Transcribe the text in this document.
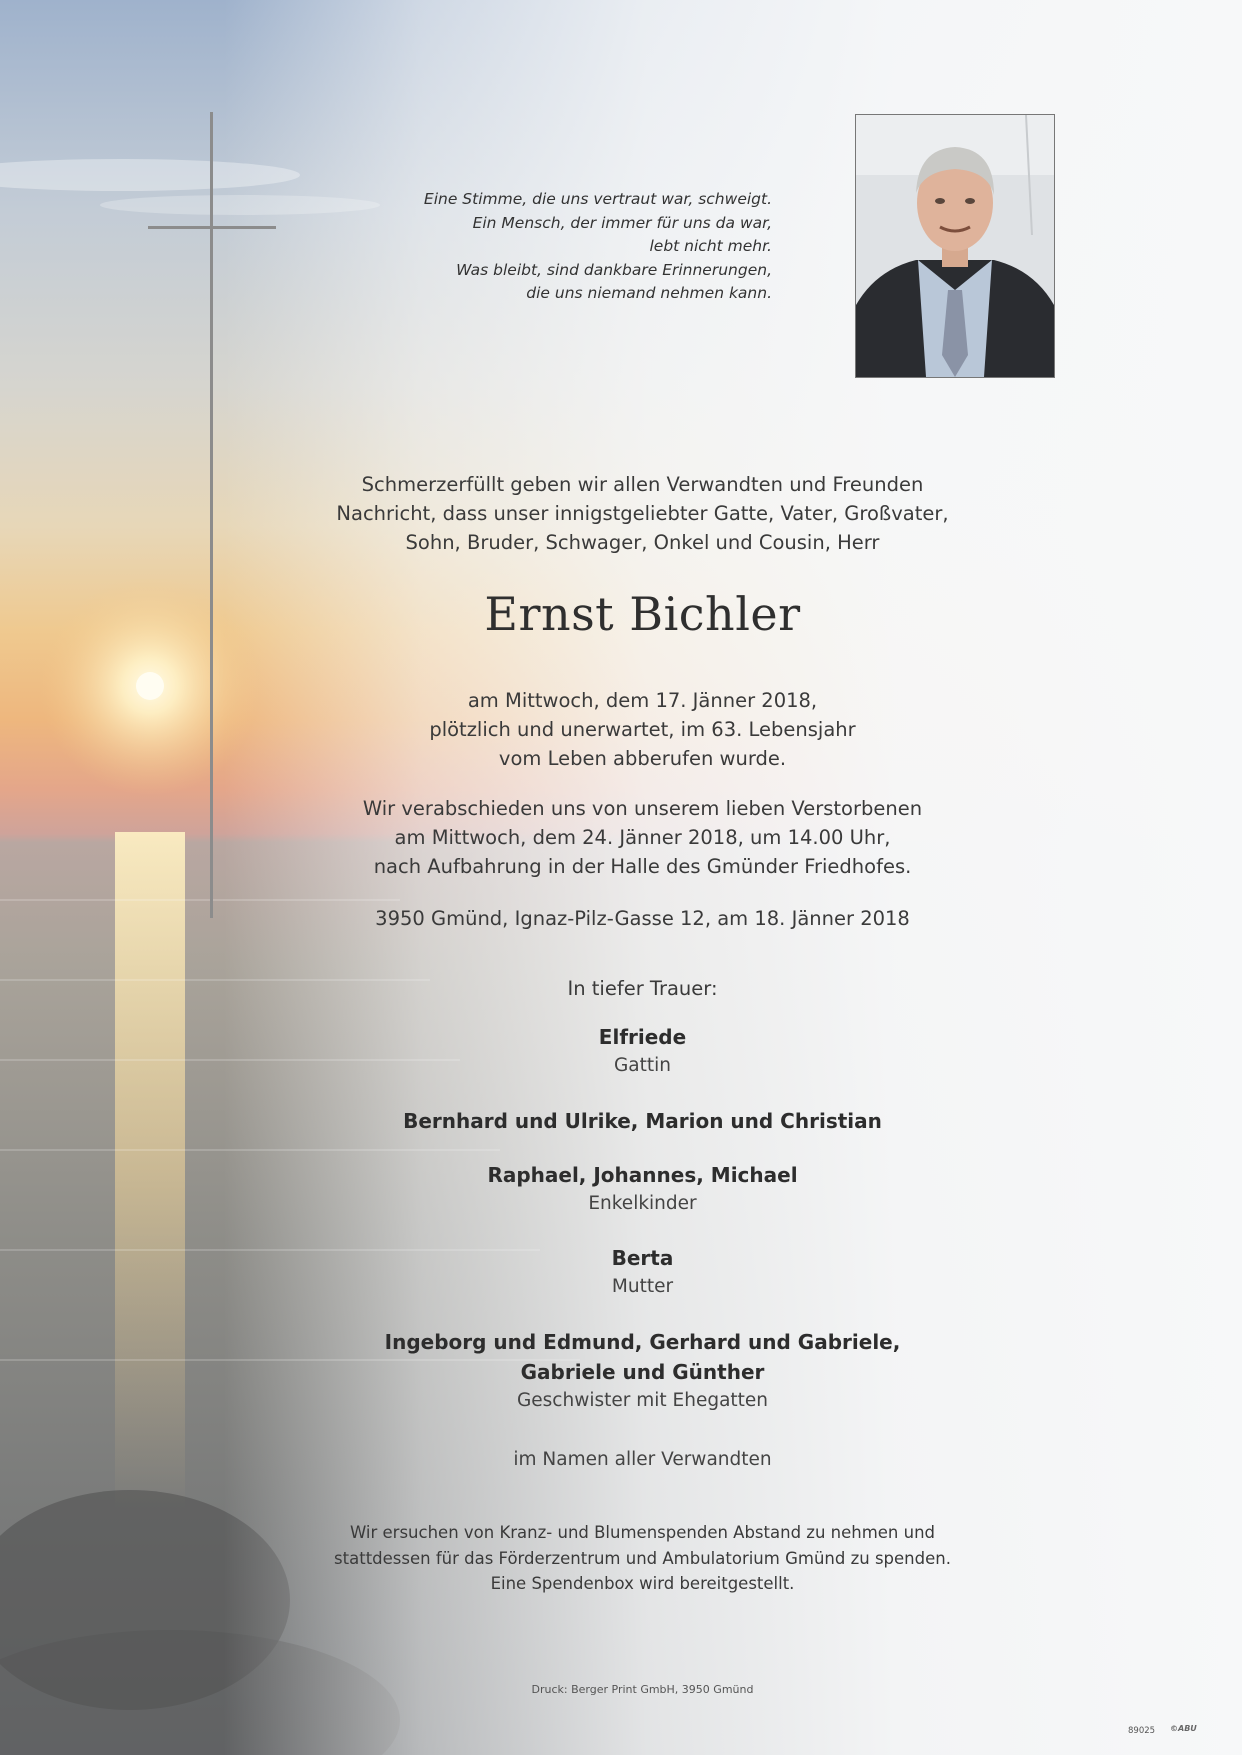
Eine Stimme, die uns vertraut war, schweigt.
Ein Mensch, der immer für uns da war,
lebt nicht mehr.
Was bleibt, sind dankbare Erinnerungen,
die uns niemand nehmen kann.
Schmerzerfüllt geben wir allen Verwandten und Freunden
Nachricht, dass unser innigstgeliebter Gatte, Vater, Großvater,
Sohn, Bruder, Schwager, Onkel und Cousin, Herr
Ernst Bichler
am Mittwoch, dem 17. Jänner 2018,
plötzlich und unerwartet, im 63. Lebensjahr
vom Leben abberufen wurde.
Wir verabschieden uns von unserem lieben Verstorbenen
am Mittwoch, dem 24. Jänner 2018, um 14.00 Uhr,
nach Aufbahrung in der Halle des Gmünder Friedhofes.
3950 Gmünd, Ignaz-Pilz-Gasse 12, am 18. Jänner 2018
In tiefer Trauer:
Elfriede
Gattin
Bernhard und Ulrike, Marion und Christian
Raphael, Johannes, Michael
Enkelkinder
Berta
Mutter
Ingeborg und Edmund, Gerhard und Gabriele,
Gabriele und Günther
Geschwister mit Ehegatten
im Namen aller Verwandten
Wir ersuchen von Kranz- und Blumenspenden Abstand zu nehmen und
stattdessen für das Förderzentrum und Ambulatorium Gmünd zu spenden.
Eine Spendenbox wird bereitgestellt.
Druck: Berger Print GmbH, 3950 Gmünd
89025 ©ABU
